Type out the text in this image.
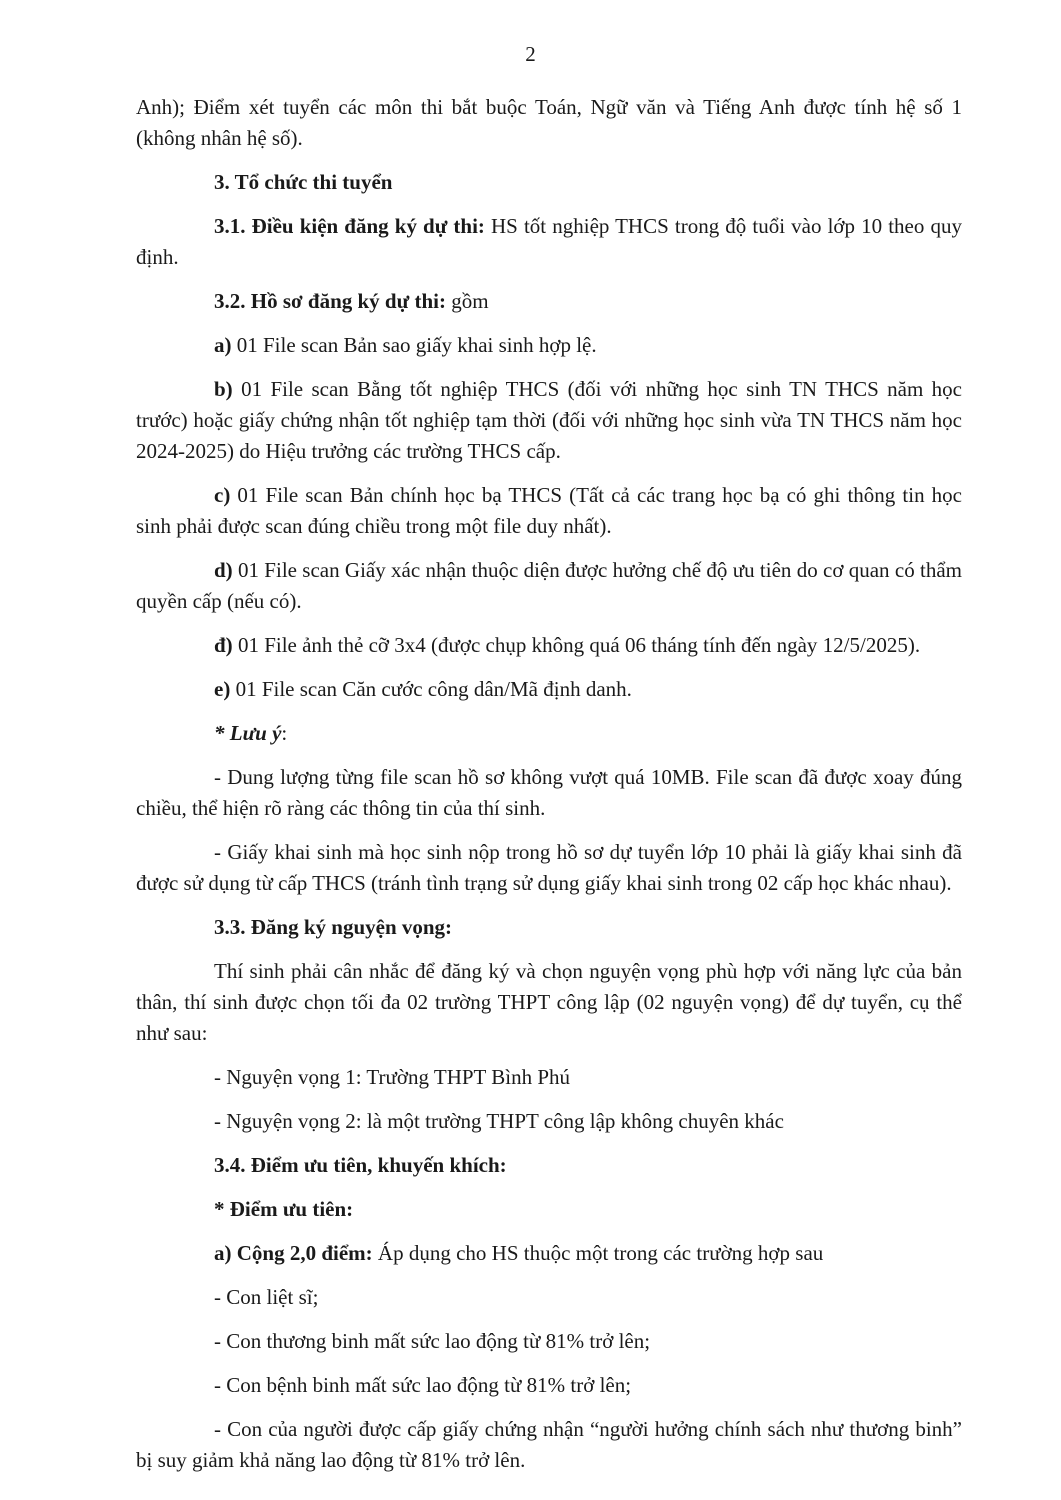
2

Anh); Điểm xét tuyển các môn thi bắt buộc Toán, Ngữ văn và Tiếng Anh được tính hệ số 1 (không nhân hệ số).

3. Tổ chức thi tuyển

3.1. Điều kiện đăng ký dự thi: HS tốt nghiệp THCS trong độ tuổi vào lớp 10 theo quy định.

3.2. Hồ sơ đăng ký dự thi: gồm

a) 01 File scan Bản sao giấy khai sinh hợp lệ.

b) 01 File scan Bằng tốt nghiệp THCS (đối với những học sinh TN THCS năm học trước) hoặc giấy chứng nhận tốt nghiệp tạm thời (đối với những học sinh vừa TN THCS năm học 2024-2025) do Hiệu trưởng các trường THCS cấp.

c) 01 File scan Bản chính học bạ THCS (Tất cả các trang học bạ có ghi thông tin học sinh phải được scan đúng chiều trong một file duy nhất).

d) 01 File scan Giấy xác nhận thuộc diện được hưởng chế độ ưu tiên do cơ quan có thẩm quyền cấp (nếu có).

đ) 01 File ảnh thẻ cỡ 3x4 (được chụp không quá 06 tháng tính đến ngày 12/5/2025).

e) 01 File scan Căn cước công dân/Mã định danh.

* Lưu ý:

- Dung lượng từng file scan hồ sơ không vượt quá 10MB. File scan đã được xoay đúng chiều, thể hiện rõ ràng các thông tin của thí sinh.

- Giấy khai sinh mà học sinh nộp trong hồ sơ dự tuyển lớp 10 phải là giấy khai sinh đã được sử dụng từ cấp THCS (tránh tình trạng sử dụng giấy khai sinh trong 02 cấp học khác nhau).

3.3. Đăng ký nguyện vọng:

Thí sinh phải cân nhắc để đăng ký và chọn nguyện vọng phù hợp với năng lực của bản thân, thí sinh được chọn tối đa 02 trường THPT công lập (02 nguyện vọng) để dự tuyển, cụ thể như sau:

- Nguyện vọng 1: Trường THPT Bình Phú

- Nguyện vọng 2: là một trường THPT công lập không chuyên khác

3.4. Điểm ưu tiên, khuyến khích:

* Điểm ưu tiên:

a) Cộng 2,0 điểm: Áp dụng cho HS thuộc một trong các trường hợp sau

- Con liệt sĩ;

- Con thương binh mất sức lao động từ 81% trở lên;

- Con bệnh binh mất sức lao động từ 81% trở lên;

- Con của người được cấp giấy chứng nhận “người hưởng chính sách như thương binh” bị suy giảm khả năng lao động từ 81% trở lên.
